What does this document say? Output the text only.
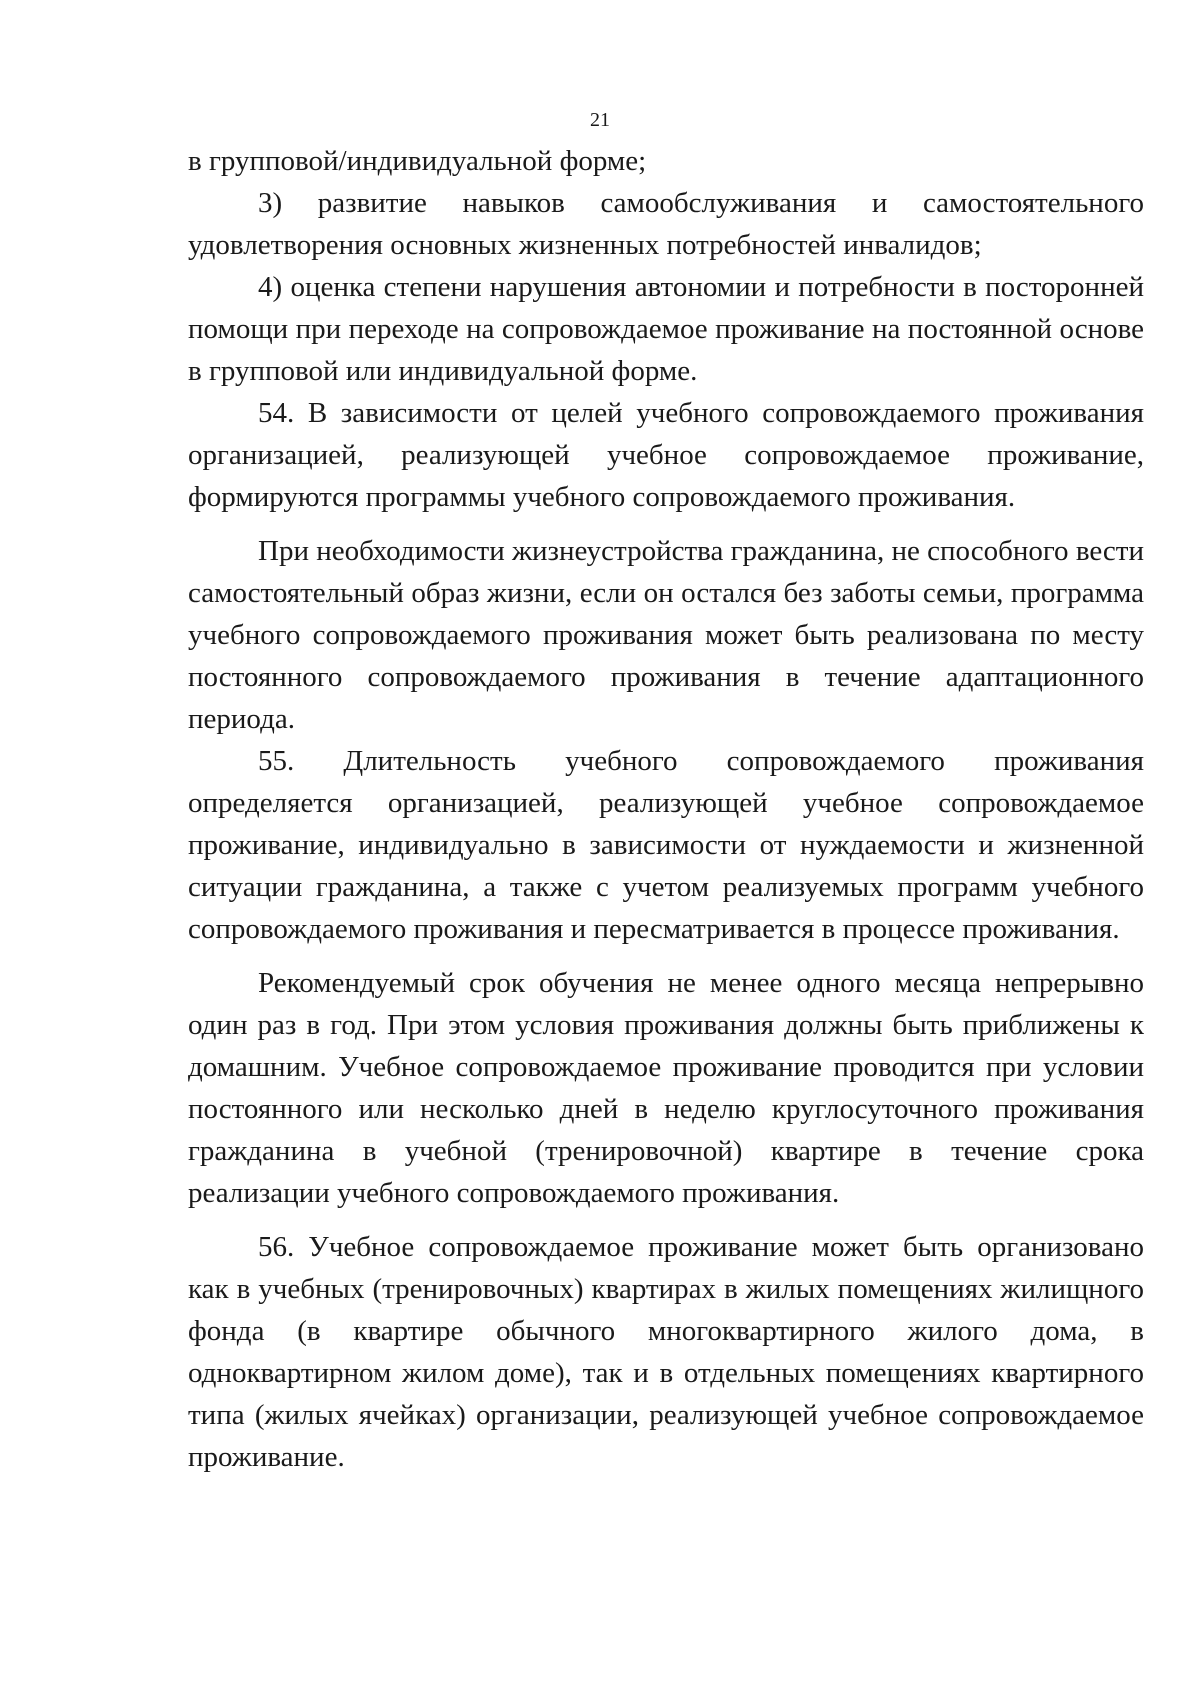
21

в групповой/индивидуальной форме;

3) развитие навыков самообслуживания и самостоятельного удовлетворения основных жизненных потребностей инвалидов;

4) оценка степени нарушения автономии и потребности в посторонней помощи при переходе на сопровождаемое проживание на постоянной основе в групповой или индивидуальной форме.

54. В зависимости от целей учебного сопровождаемого проживания организацией, реализующей учебное сопровождаемое проживание, формируются программы учебного сопровождаемого проживания.

При необходимости жизнеустройства гражданина, не способного вести самостоятельный образ жизни, если он остался без заботы семьи, программа учебного сопровождаемого проживания может быть реализована по месту постоянного сопровождаемого проживания в течение адаптационного периода.

55. Длительность учебного сопровождаемого проживания определяется организацией, реализующей учебное сопровождаемое проживание, индивидуально в зависимости от нуждаемости и жизненной ситуации гражданина, а также с учетом реализуемых программ учебного сопровождаемого проживания и пересматривается в процессе проживания.

Рекомендуемый срок обучения не менее одного месяца непрерывно один раз в год. При этом условия проживания должны быть приближены к домашним. Учебное сопровождаемое проживание проводится при условии постоянного или несколько дней в неделю круглосуточного проживания гражданина в учебной (тренировочной) квартире в течение срока реализации учебного сопровождаемого проживания.

56. Учебное сопровождаемое проживание может быть организовано как в учебных (тренировочных) квартирах в жилых помещениях жилищного фонда (в квартире обычного многоквартирного жилого дома, в одноквартирном жилом доме), так и в отдельных помещениях квартирного типа (жилых ячейках) организации, реализующей учебное сопровождаемое проживание.
